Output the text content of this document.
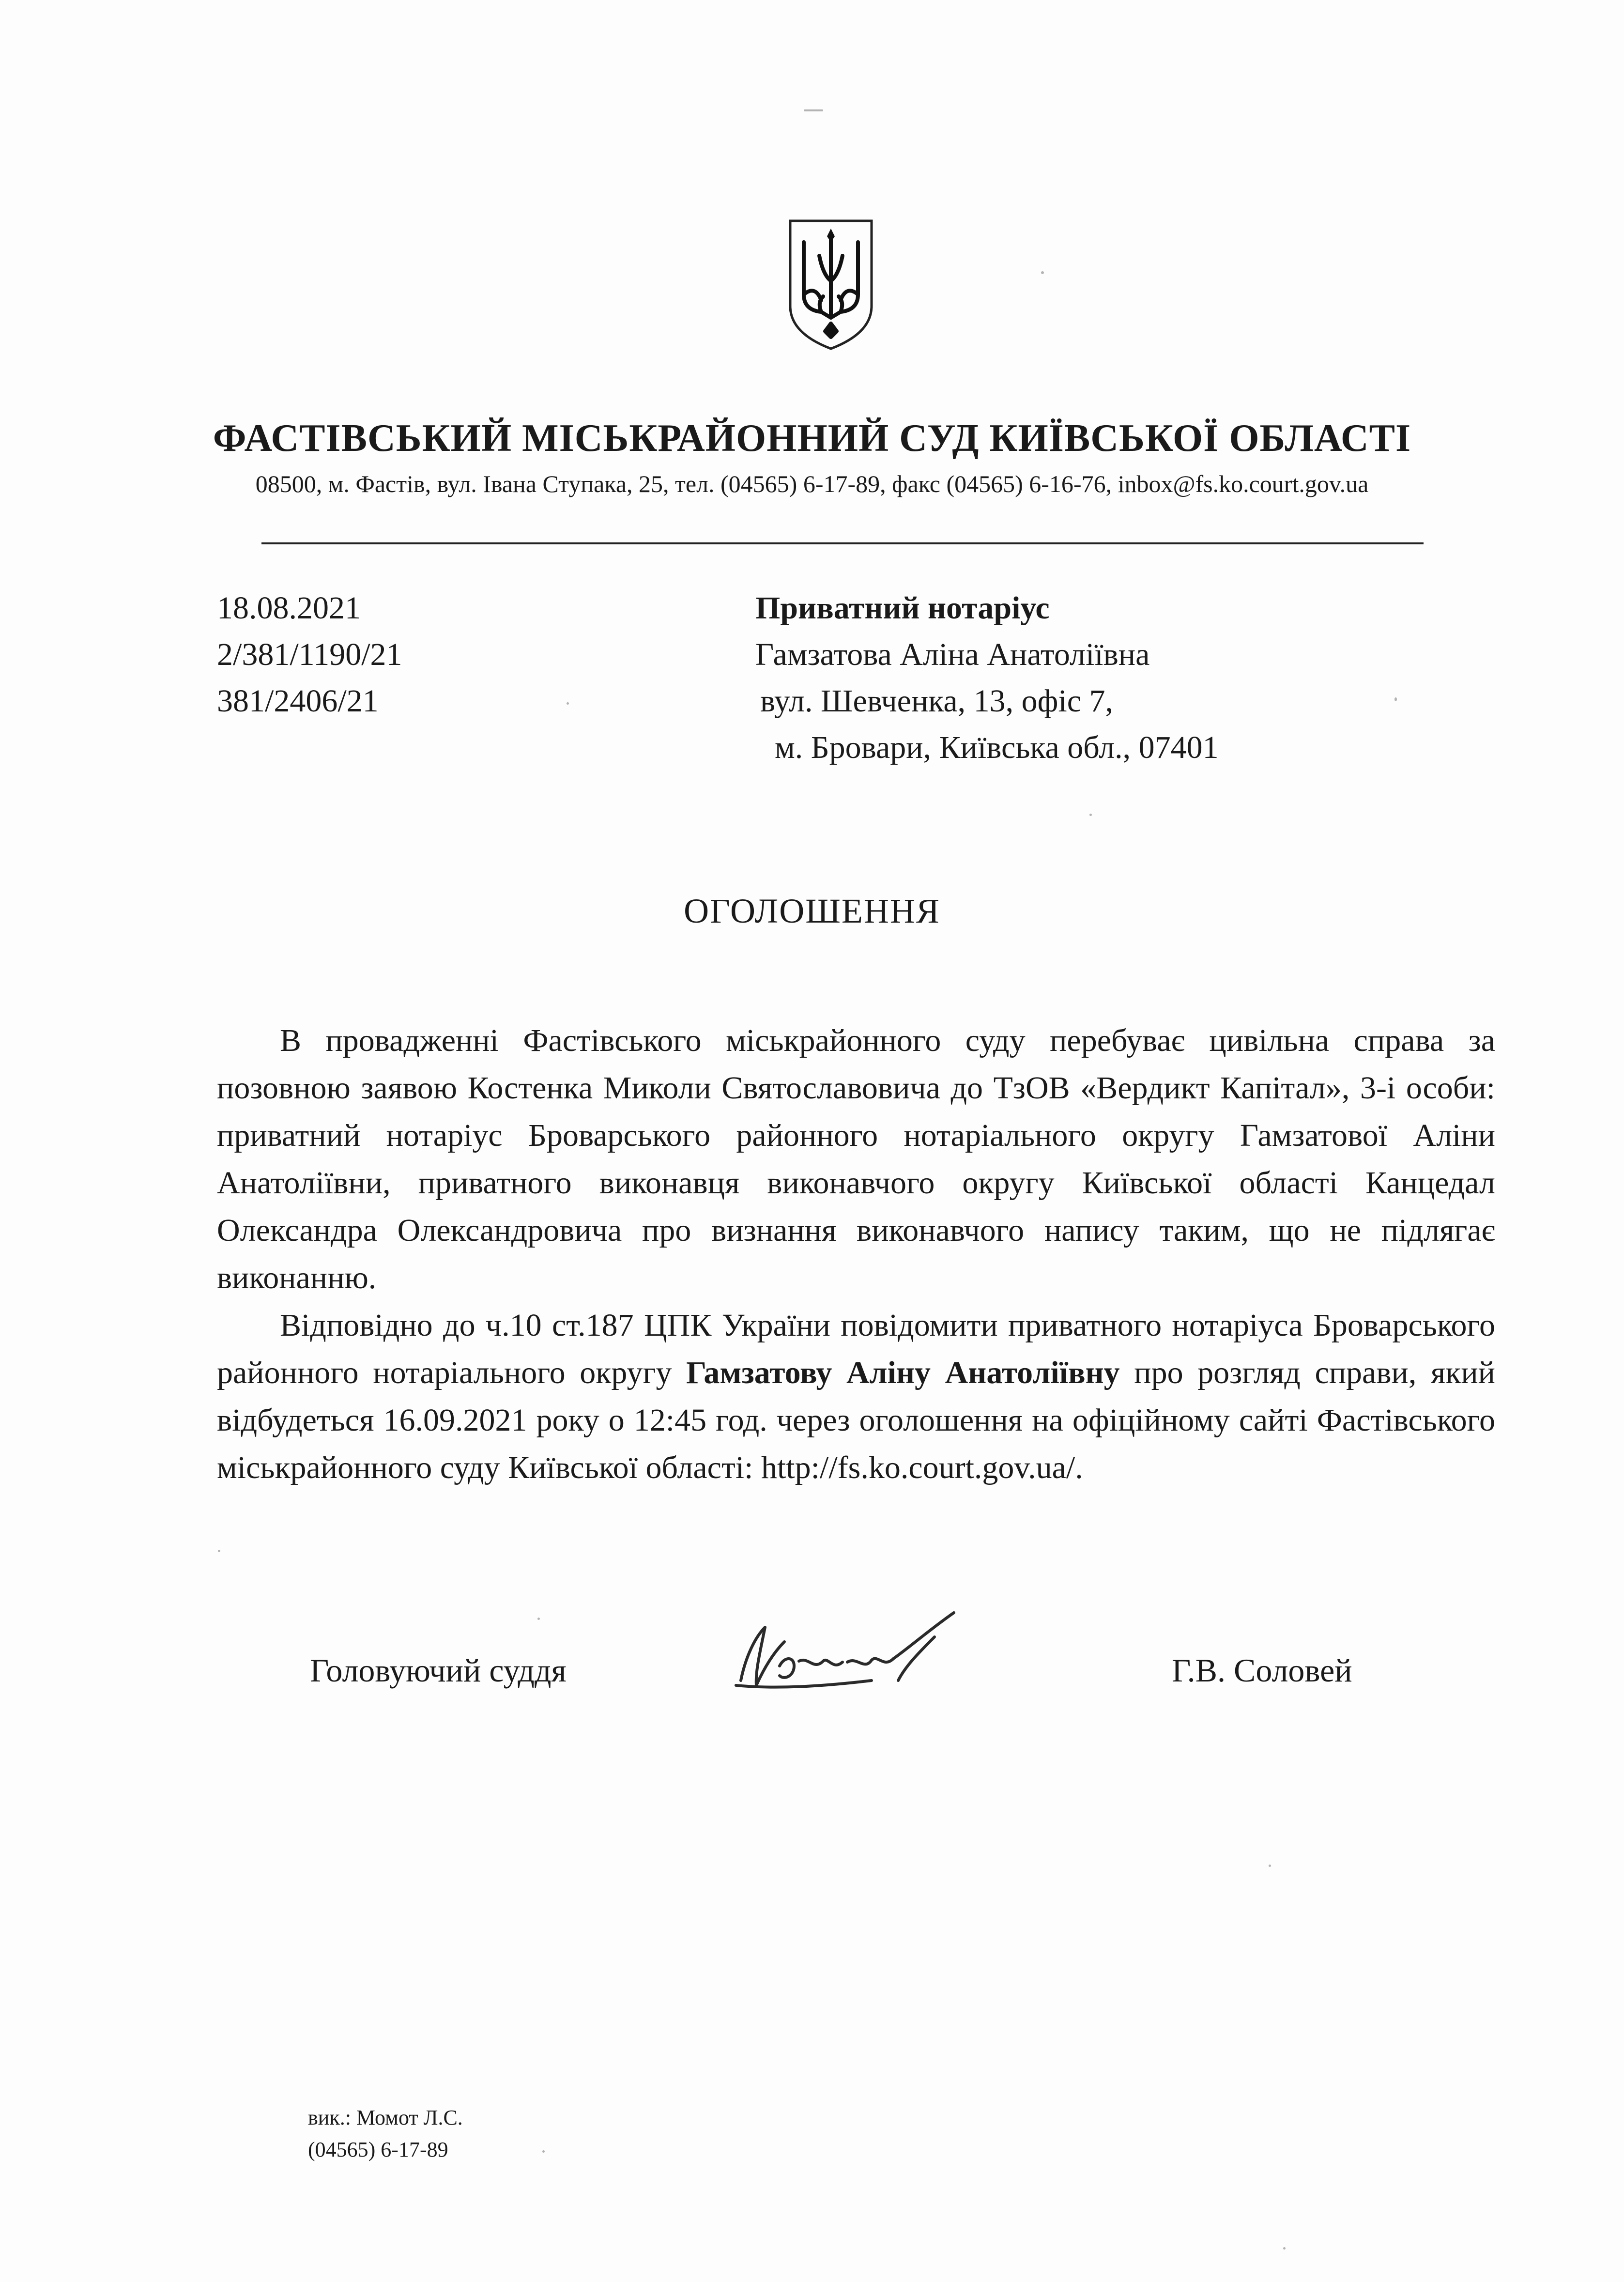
ФАСТІВСЬКИЙ МІСЬКРАЙОННИЙ СУД КИЇВСЬКОЇ ОБЛАСТІ
08500, м. Фастів, вул. Івана Ступака, 25, тел. (04565) 6-17-89, факс (04565) 6-16-76, inbox@fs.ko.court.gov.ua
18.08.2021
2/381/1190/21
381/2406/21
Приватний нотаріус
Гамзатова Аліна Анатоліївна
вул. Шевченка, 13, офіс 7,
м. Бровари, Київська обл., 07401
ОГОЛОШЕННЯ

В провадженні Фастівського міськрайонного суду перебуває цивільна справа за позовною заявою Костенка Миколи Святославовича до ТзОВ «Вердикт Капітал», 3-і особи: приватний нотаріус Броварського районного нотаріального округу Гамзатової Аліни Анатоліївни, приватного виконавця виконавчого округу Київської області Канцедал Олександра Олександровича про визнання виконавчого напису таким, що не підлягає виконанню.

Відповідно до ч.10 ст.187 ЦПК України повідомити приватного нотаріуса Броварського районного нотаріального округу Гамзатову Аліну Анатоліївну про розгляд справи, який відбудеться 16.09.2021 року о 12:45 год. через оголошення на офіційному сайті Фастівського міськрайонного суду Київської області: http://fs.ko.court.gov.ua/.

Головуючий суддя	Г.В. Соловей
вик.: Момот Л.С.
(04565) 6-17-89
